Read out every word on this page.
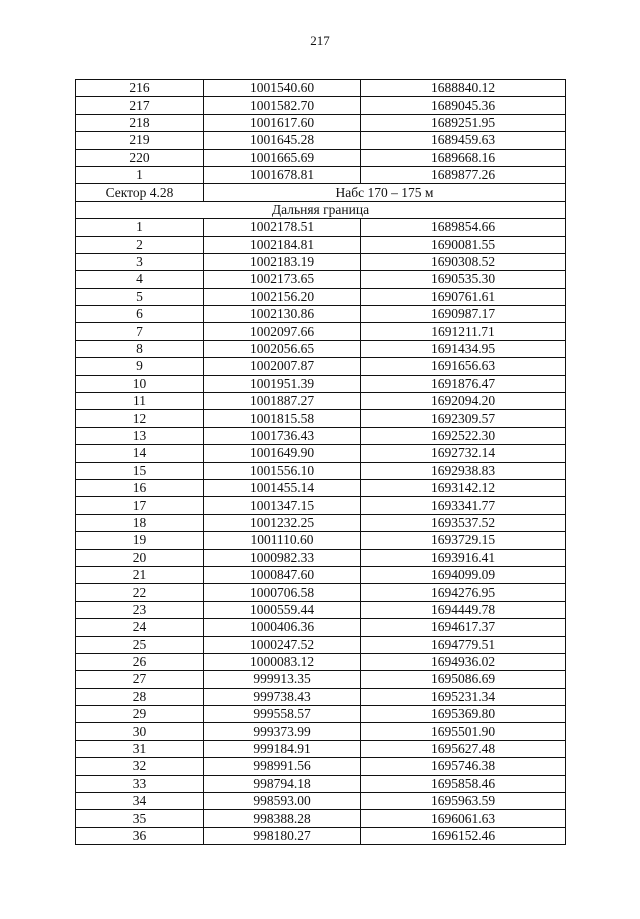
217
216	1001540.60	1688840.12
217	1001582.70	1689045.36
218	1001617.60	1689251.95
219	1001645.28	1689459.63
220	1001665.69	1689668.16
1	1001678.81	1689877.26
Сектор 4.28	Набс 170 – 175 м	
Дальняя граница		
1	1002178.51	1689854.66
2	1002184.81	1690081.55
3	1002183.19	1690308.52
4	1002173.65	1690535.30
5	1002156.20	1690761.61
6	1002130.86	1690987.17
7	1002097.66	1691211.71
8	1002056.65	1691434.95
9	1002007.87	1691656.63
10	1001951.39	1691876.47
11	1001887.27	1692094.20
12	1001815.58	1692309.57
13	1001736.43	1692522.30
14	1001649.90	1692732.14
15	1001556.10	1692938.83
16	1001455.14	1693142.12
17	1001347.15	1693341.77
18	1001232.25	1693537.52
19	1001110.60	1693729.15
20	1000982.33	1693916.41
21	1000847.60	1694099.09
22	1000706.58	1694276.95
23	1000559.44	1694449.78
24	1000406.36	1694617.37
25	1000247.52	1694779.51
26	1000083.12	1694936.02
27	999913.35	1695086.69
28	999738.43	1695231.34
29	999558.57	1695369.80
30	999373.99	1695501.90
31	999184.91	1695627.48
32	998991.56	1695746.38
33	998794.18	1695858.46
34	998593.00	1695963.59
35	998388.28	1696061.63
36	998180.27	1696152.46
